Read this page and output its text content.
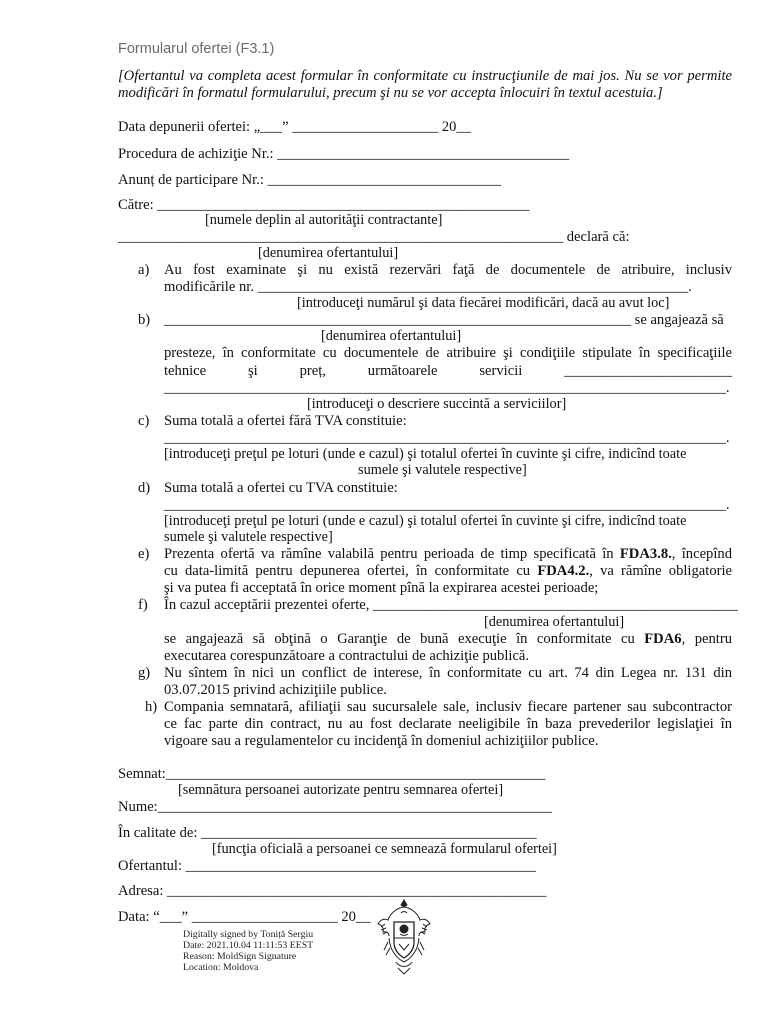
Formularul ofertei (F3.1)
[Ofertantul va completa acest formular în conformitate cu instrucţiunile de mai jos. Nu se vor permite modificări în formatul formularului, precum şi nu se vor accepta înlocuiri în textul acestuia.]
Data depunerii ofertei: „___” ____________________ 20__
Procedura de achiziţie Nr.: ________________________________________
Anunț de participare Nr.: ________________________________
Către: ___________________________________________________
[numele deplin al autorităţii contractante]
_____________________________________________________________ declară că:
[denumirea ofertantului]
a) Au fost examinate şi nu există rezervări faţă de documentele de atribuire, inclusiv
modificările nr. ___________________________________________________________.
[introduceţi numărul şi data fiecărei modificări, dacă au avut loc]
b) ________________________________________________________________ se angajează să
[denumirea ofertantului]
presteze, în conformitate cu documentele de atribuire şi condiţiile stipulate în specificaţiile
tehnice	şi	preț,	următoarele	servicii	_______________________
_____________________________________________________________________________.
[introduceţi o descriere succintă a serviciilor]
c) Suma totală a ofertei fără TVA constituie:
_____________________________________________________________________________.
[introduceţi preţul pe loturi (unde e cazul) şi totalul ofertei în cuvinte şi cifre, indicînd toate
sumele şi valutele respective]
d) Suma totală a ofertei cu TVA constituie:
_____________________________________________________________________________.
[introduceţi preţul pe loturi (unde e cazul) şi totalul ofertei în cuvinte şi cifre, indicînd toate
sumele şi valutele respective]
e) Prezenta ofertă va rămîne valabilă pentru perioada de timp specificată în FDA3.8., începînd
cu data-limită pentru depunerea ofertei, în conformitate cu FDA4.2., va rămîne obligatorie
şi va putea fi acceptată în orice moment pînă la expirarea acestei perioade;
f) În cazul acceptării prezentei oferte, __________________________________________________
[denumirea ofertantului]
se angajează să obţină o Garanţie de bună execuţie în conformitate cu FDA6, pentru
executarea corespunzătoare a contractului de achiziţie publică.
g) Nu sîntem în nici un conflict de interese, în conformitate cu art. 74 din Legea nr. 131 din
03.07.2015 privind achiziţiile publice.
h) Compania semnatară, afiliaţii sau sucursalele sale, inclusiv fiecare partener sau subcontractor
ce fac parte din contract, nu au fost declarate neeligibile în baza prevederilor legislaţiei în
vigoare sau a regulamentelor cu incidenţă în domeniul achiziţiilor publice.
Semnat:____________________________________________________
[semnătura persoanei autorizate pentru semnarea ofertei]
Nume:______________________________________________________
În calitate de: ______________________________________________
[funcţia oficială a persoanei ce semnează formularul ofertei]
Ofertantul: ________________________________________________
Adresa: ____________________________________________________
Data: “___” ____________________ 20__
Digitally signed by Toniță Sergiu
Date: 2021.10.04 11:11:53 EEST
Reason: MoldSign Signature
Location: Moldova
